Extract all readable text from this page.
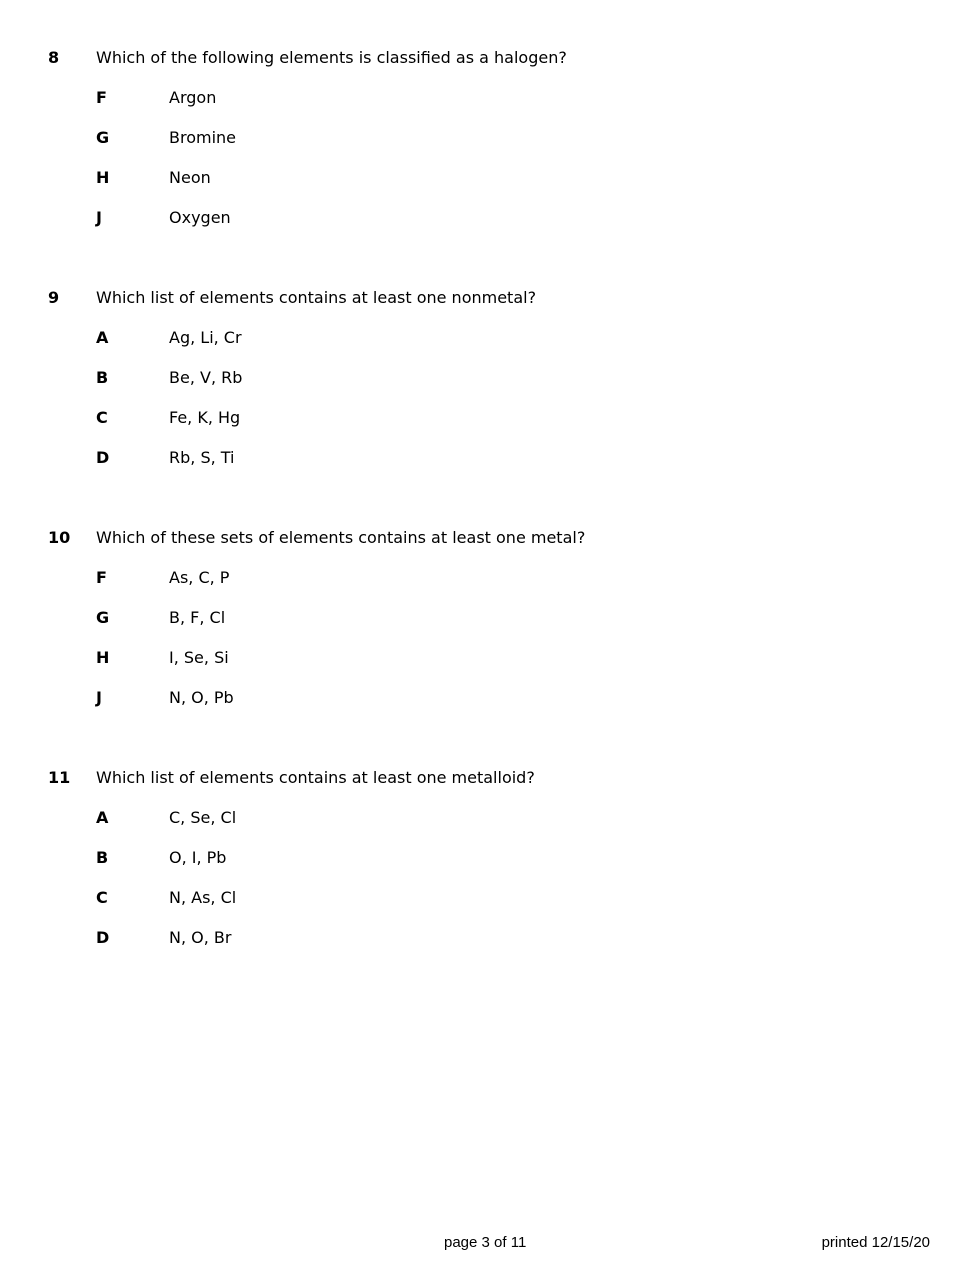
8 Which of the following elements is classified as a halogen?
F	Argon
G	Bromine
H	Neon
J	Oxygen
9 Which list of elements contains at least one nonmetal?
A	Ag, Li, Cr
B	Be, V, Rb
C	Fe, K, Hg
D	Rb, S, Ti
10 Which of these sets of elements contains at least one metal?
F	As, C, P
G	B, F, Cl
H	I, Se, Si
J	N, O, Pb
11 Which list of elements contains at least one metalloid?
A	C, Se, Cl
B	O, I, Pb
C	N, As, Cl
D	N, O, Br
page 3 of 11	printed 12/15/20
